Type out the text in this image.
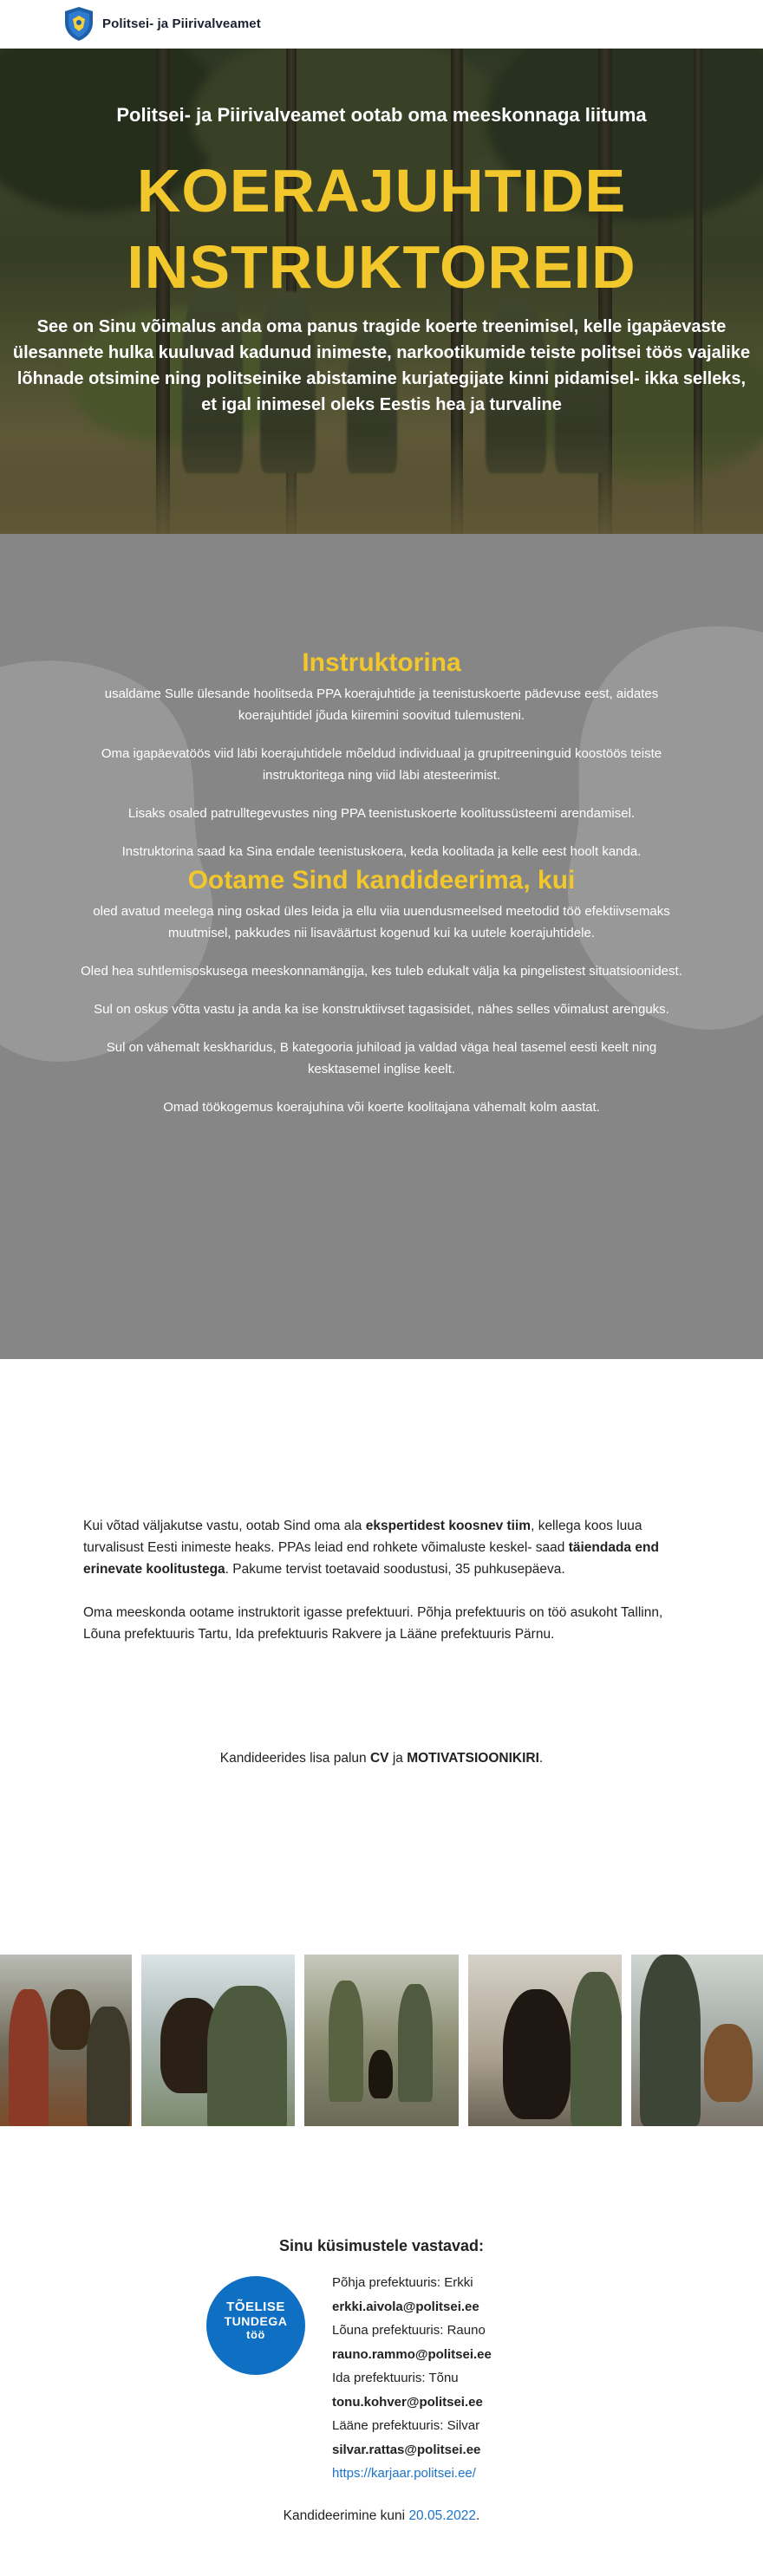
Politsei- ja Piirivalveamet
Politsei- ja Piirivalveamet ootab oma meeskonnaga liituma
KOERAJUHTIDE
INSTRUKTOREID
See on Sinu võimalus anda oma panus tragide koerte treenimisel, kelle igapäevaste ülesannete hulka kuuluvad kadunud inimeste, narkootikumide teiste politsei töös vajalike lõhnade otsimine ning politseinike abistamine kurjategijate kinni pidamisel- ikka selleks, et igal inimesel oleks Eestis hea ja turvaline
Instruktorina

usaldame Sulle ülesande hoolitseda PPA koerajuhtide ja teenistuskoerte pädevuse eest, aidates koerajuhtidel jõuda kiiremini soovitud tulemusteni.

Oma igapäevatöös viid läbi koerajuhtidele mõeldud individuaal ja grupitreeninguid koostöös teiste instruktoritega ning viid läbi atesteerimist.

Lisaks osaled patrulltegevustes ning PPA teenistuskoerte koolitussüsteemi arendamisel.

Instruktorina saad ka Sina endale teenistuskoera, keda koolitada ja kelle eest hoolt kanda.

Ootame Sind kandideerima, kui

oled avatud meelega ning oskad üles leida ja ellu viia uuendusmeelsed meetodid töö efektiivsemaks muutmisel, pakkudes nii lisaväärtust kogenud kui ka uutele koerajuhtidele.

Oled hea suhtlemisoskusega meeskonnamängija, kes tuleb edukalt välja ka pingelistest situatsioonidest.

Sul on oskus võtta vastu ja anda ka ise konstruktiivset tagasisidet, nähes selles võimalust arenguks.

Sul on vähemalt keskharidus, B kategooria juhiload ja valdad väga heal tasemel eesti keelt ning kesktasemel inglise keelt.

Omad töökogemus koerajuhina või koerte koolitajana vähemalt kolm aastat.

Kui võtad väljakutse vastu, ootab Sind oma ala ekspertidest koosnev tiim, kellega koos luua turvalisust Eesti inimeste heaks. PPAs leiad end rohkete võimaluste keskel- saad täiendada end erinevate koolitustega. Pakume tervist toetavaid soodustusi, 35 puhkusepäeva.

Oma meeskonda ootame instruktorit igasse prefektuuri. Põhja prefektuuris on töö asukoht Tallinn, Lõuna prefektuuris Tartu, Ida prefektuuris Rakvere ja Lääne prefektuuris Pärnu.

Kandideerides lisa palun CV ja MOTIVATSIOONIKIRI.
Sinu küsimustele vastavad:
TÕELISE
TUNDEGA
töö
Põhja prefektuuris: Erkki
erkki.aivola@politsei.ee
Lõuna prefektuuris: Rauno
rauno.rammo@politsei.ee
Ida prefektuuris: Tõnu
tonu.kohver@politsei.ee
Lääne prefektuuris: Silvar
silvar.rattas@politsei.ee
https://karjaar.politsei.ee/
Kandideerimine kuni 20.05.2022.
